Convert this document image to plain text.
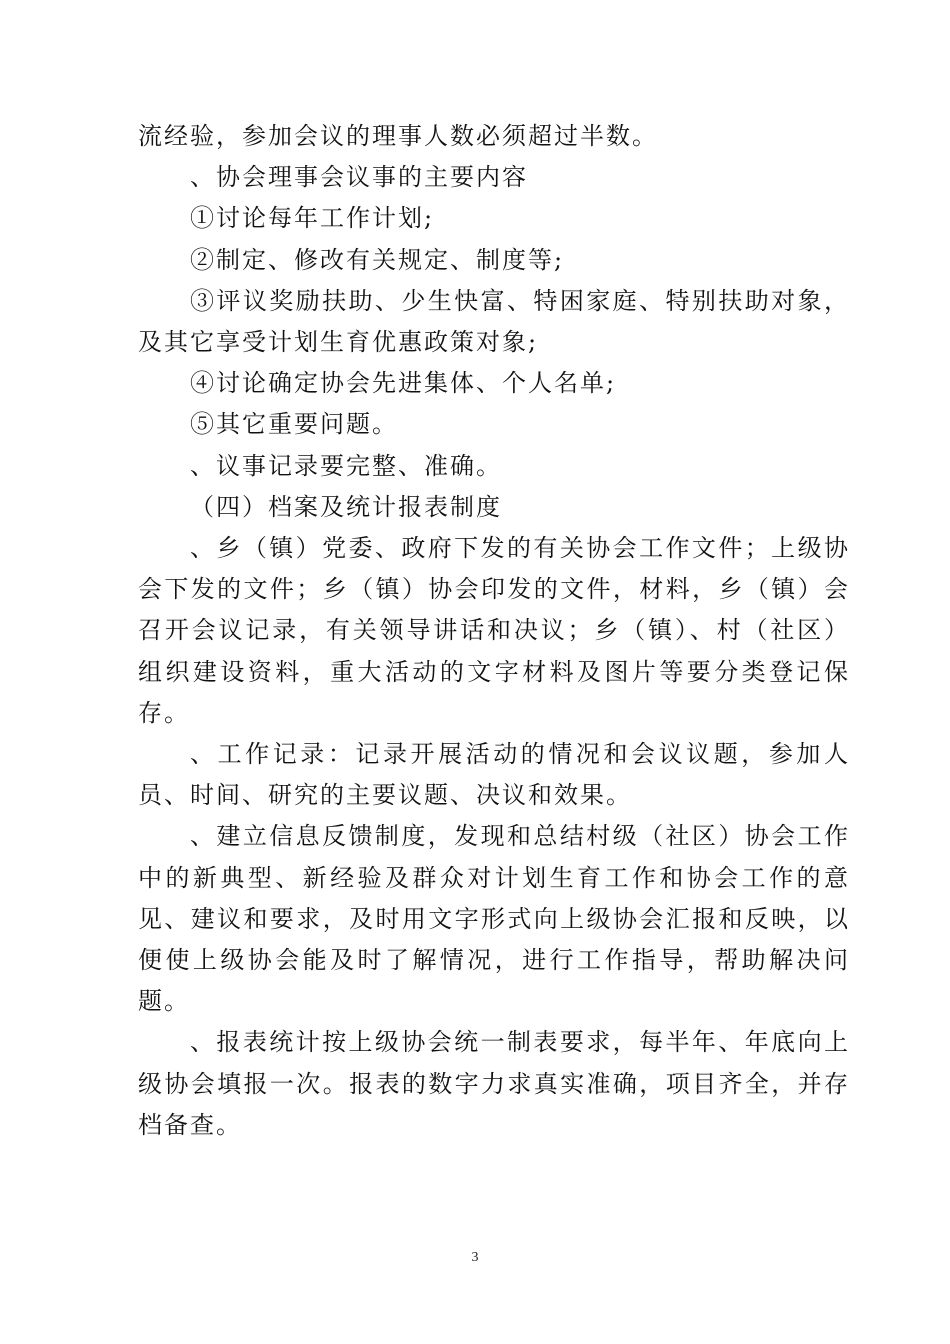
流经验，参加会议的理事人数必须超过半数。

、协会理事会议事的主要内容

①讨论每年工作计划;

②制定、修改有关规定、制度等;

③评议奖励扶助、少生快富、特困家庭、特别扶助对象，及其它享受计划生育优惠政策对象;

④讨论确定协会先进集体、个人名单;

⑤其它重要问题。

、议事记录要完整、准确。

（四）档案及统计报表制度

、乡（镇）党委、政府下发的有关协会工作文件；上级协会下发的文件；乡（镇）协会印发的文件，材料，乡（镇）会召开会议记录，有关领导讲话和决议；乡（镇）、村（社区）组织建设资料，重大活动的文字材料及图片等要分类登记保存。

、工作记录：记录开展活动的情况和会议议题，参加人员、时间、研究的主要议题、决议和效果。

、建立信息反馈制度，发现和总结村级（社区）协会工作中的新典型、新经验及群众对计划生育工作和协会工作的意见、建议和要求，及时用文字形式向上级协会汇报和反映，以便使上级协会能及时了解情况，进行工作指导，帮助解决问题。

、报表统计按上级协会统一制表要求，每半年、年底向上级协会填报一次。报表的数字力求真实准确，项目齐全，并存档备查。

3
